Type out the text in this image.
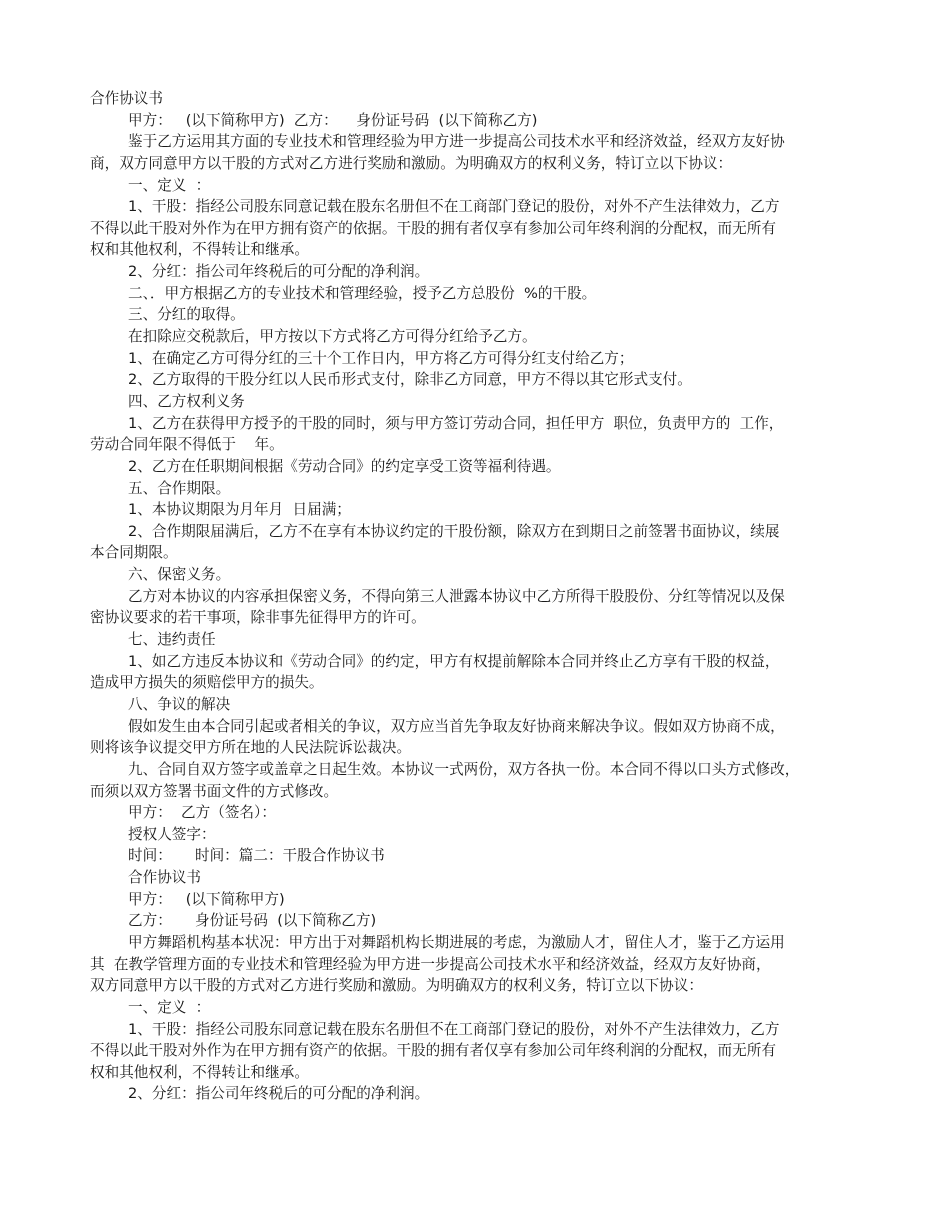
合作协议书
甲方：   (以下简称甲方)  乙方：    身份证号码  (以下简称乙方)
鉴于乙方运用其方面的专业技术和管理经验为甲方进一步提高公司技术水平和经济效益，经双方友好协
商，双方同意甲方以干股的方式对乙方进行奖励和激励。为明确双方的权利义务，特订立以下协议：
一、定义  ：
1、干股：指经公司股东同意记载在股东名册但不在工商部门登记的股份，对外不产生法律效力，乙方
不得以此干股对外作为在甲方拥有资产的依据。干股的拥有者仅享有参加公司年终利润的分配权，而无所有
权和其他权利，不得转让和继承。
2、分红：指公司年终税后的可分配的净利润。
二、．甲方根据乙方的专业技术和管理经验，授予乙方总股份  %的干股。
三、分红的取得。
在扣除应交税款后，甲方按以下方式将乙方可得分红给予乙方。
1、在确定乙方可得分红的三十个工作日内，甲方将乙方可得分红支付给乙方；
2、乙方取得的干股分红以人民币形式支付，除非乙方同意，甲方不得以其它形式支付。
四、乙方权利义务
1、乙方在获得甲方授予的干股的同时，须与甲方签订劳动合同，担任甲方  职位，负责甲方的  工作，
劳动合同年限不得低于    年。
2、乙方在任职期间根据《劳动合同》的约定享受工资等福利待遇。
五、合作期限。
1、本协议期限为月年月  日届满；
2、合作期限届满后，乙方不在享有本协议约定的干股份额，除双方在到期日之前签署书面协议，续展
本合同期限。
六、保密义务。
乙方对本协议的内容承担保密义务，不得向第三人泄露本协议中乙方所得干股股份、分红等情况以及保
密协议要求的若干事项，除非事先征得甲方的许可。
七、违约责任
1、如乙方违反本协议和《劳动合同》的约定，甲方有权提前解除本合同并终止乙方享有干股的权益，
造成甲方损失的须赔偿甲方的损失。
八、争议的解决
假如发生由本合同引起或者相关的争议，双方应当首先争取友好协商来解决争议。假如双方协商不成，
则将该争议提交甲方所在地的人民法院诉讼裁决。
九、合同自双方签字或盖章之日起生效。本协议一式两份，双方各执一份。本合同不得以口头方式修改，
而须以双方签署书面文件的方式修改。
甲方：  乙方（签名）：
授权人签字：
时间：     时间：篇二：干股合作协议书
合作协议书
甲方：   (以下简称甲方)
乙方：     身份证号码  (以下简称乙方)
甲方舞蹈机构基本状况：甲方出于对舞蹈机构长期进展的考虑，为激励人才，留住人才，鉴于乙方运用
其  在教学管理方面的专业技术和管理经验为甲方进一步提高公司技术水平和经济效益，经双方友好协商，
双方同意甲方以干股的方式对乙方进行奖励和激励。为明确双方的权利义务，特订立以下协议：
一、定义  ：
1、干股：指经公司股东同意记载在股东名册但不在工商部门登记的股份，对外不产生法律效力，乙方
不得以此干股对外作为在甲方拥有资产的依据。干股的拥有者仅享有参加公司年终利润的分配权，而无所有
权和其他权利，不得转让和继承。
2、分红：指公司年终税后的可分配的净利润。
